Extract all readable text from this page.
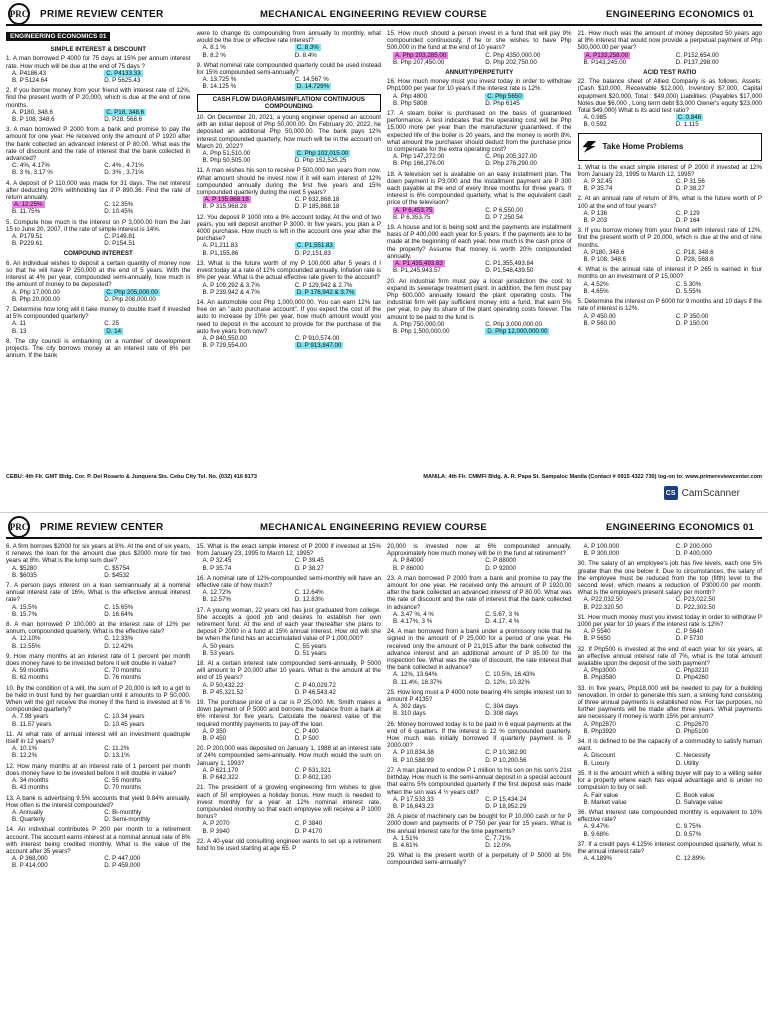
PRC PRIME REVIEW CENTER	MECHANICAL ENGINEERING REVIEW COURSE	ENGINEERING ECONOMICS 01
ENGINEERING ECONOMICS 01
SIMPLE INTEREST & DISCOUNT
1. A man borrowed P 4000 for 75 days at 15% per annum interest rate. How much will be due at the end of 75 days ?
A. P4186.43	C. P4133.33
B. P 5124.64	D. P 5625.43
2. If you borrow money from your friend with interest rate of 12%, find the present worth of P 20,000, which is due at the end of nine months.
A. P180, 348.6	C. P18, 348.6
B. P 108, 348.6	D. P28, 568.6
3. A man borrowed P 2000 from a bank and promise to pay the amount for one year. He received only the amount of P 1920 after the bank collected an advanced interest of P 80.00. What was the rate of discount and the rate of interest that the bank collected in advanced?
C. 4%, 4.17%	C. 4% , 4.71%
B. 3 %, 3.17 %	D. 3% , 3.71%
4. A deposit of P 110,000 was made for 31 days. The net interest after deducting 20% withholding tax if P 890.36. Find the rate of return annually.
A. 12.25%	C. 12.35%
B. 11.75%	D. 10.45%
5. Compute how much is the interest on P 3,000.00 from the Jan 15 to June 20, 2007, if the rate of simple interest is 14%.
A. P179.51	C. P149.81
B. P229.61	D. P154.51
COMPOUND INTEREST
6. An individual wishes to deposit a certain quantity of money now so that he will have P 250,000 at the end of 5 years. With the interest at 4% per year, compounded semi-annually, how much is the amount of money to be deposited?
A. Php 17,000.00	C. Php 205,000.00
B. Php 20,000.00	D. Php 208,000.00
7. Determine how long will it take money to double itself if invested at 5% compounded quarterly?
A. 11	C. 25
B. 13	D. 14
8. The city council is embarking on a number of development projects. The city borrows money at an interest rate of 8% per annum. If the bank
were to change its compounding from annually to monthly, what would be the true or effective rate interest?
A. 8.1 %	C. 8.3%
B. 8.2 %	D. 8.4%
9. What nominal rate compounded quarterly could be used instead for 15% compounded semi-annually?
A. 13.725 %	C. 14.567 %
B. 14.125 %	D. 14.729%
CASH FLOW DIAGRAMS/INFLATION/ CONTINUOUS COMPOUNDING
10. On December 20, 2021, a young engineer opened an account with an initial deposit of Php 50,000.00. On February 20, 2022, he deposited an additional Php 50,000.00. The bank pays 12% interest compounded quarterly, how much will be in the account on March 20, 2022?
A. Php 51,510.00	C. Php 102,015.00
B. Php 50,505.00	D. Php 152,525.25
11. A man wishes his son to receive P 500,000 ten years from now. What amount should he invest now if it will earn interest of 12% compounded annually during the first five years and 15% compounded quarterly during the next 5 years?
A. P 135,868.18	C. P 632,868.18
B. P 315,968.28	D. P 185,868.18
12. You deposit P 1000 into a 9% account today. At the end of two years, you will deposit another P 3000. In five years, you plan a P 4000 purchase. How much is left in the account one year after the purchase?
A. P1,211.83	C. P1,551.83
B. P1,155.86	D. P2,151.83
13. What is the future worth of my P 100,000 after 5 years if I invest today at a rate of 12% compounded annually. Inflation rate is 8% per year. What is the actual effective rate given to the account?
A. P 109,292 & 3.7%	C. P 129,942 & 2.7%
B. P 239,942 & 4.7%	D. P 176,942 & 3.7%
14. An automobile cost Php 1,000,000.00. You can earn 12% tax free on an "auto purchase account". If you expect the cost of the auto to increase by 10% per year, how much amount would you need to deposit in the account to provide for the purchase of the auto five years from now?
A. P 840,550.00	C. P 910,574.00
B. P 729,554.00	D. P 913,847.00
15. How much should a person invest in a fund that will pay 9% compounded continuously, if he or she wishes to have Php 500,000 in the fund at the end of 10 years?
A. Php 203,285.00	C. Php 4350,000.00
B. Php 207,450.00	D. Php 202,750.00
ANNUITY/PERPETUITY
16. How much money must you invest today in order to withdraw Php1000 per year for 10 years if the interest rate is 12%.
A. Php 4800	C. Php 5650
B. Php 5808	D. Php 6145
17. A steam boiler is purchased on the basis of guaranteed performance. A test indicates that the operating cost will be Php 15,000 more per year than the manufacturer guaranteed. If the expected life of the boiler is 20 years, and the money is worth 8%, what amount the purchaser should deduct from the purchase price to compensate for the extra operating cost?
A. Php 147,272.00	C. Php 205,327.00
B. Php 166,276.00	D. Php 276,290.00
18. A television set is available on an easy installment plan. The down payment is P3,000 and the installment payment are P 300 each payable at the end of every three months for three years. If interest is 6% compounded quarterly, what is the equivalent cash price of the television?
A. P 6,453.75	C. P 6,550.00
B. P 6,353.75	D. P 7,250.54
19. A house and lot is being sold and the payments are installment basis of P 400,000 each year for 5 years. If the payments are to be made at the beginning of each year, how much is the cash price of the property? Assume that money is worth 20% compounded annually.
A. P1,435,493.83	C. P1,355,493.84
B. P1,245,943.57	D. P1,548,439.50
20. An industrial firm must pay a local jurisdiction the cost to expand its sewerage treatment plant. In addition, the firm must pay Php 600,000 annually toward the plant operating costs. The industrial firm will pay sufficient money into a fund, that earn 5% per year, to pay its share of the plant operating costs forever. The amount to be paid to the fund is
A. Php 750,000.00	C. Php 3,000,000.00
B. Php 1,500,000.00	D. Php 12,000,000.00
21. How much was the amount of money deposited 50 years ago at 8% interest that would now provide a perpetual payment of Php 500,000.00 per year?
A. P133,258.00	C. P152,654.00
B. P143,245.00	D. P137,298.00
ACID TEST RATIO
22. The balance sheet of Allied Company is as follows: Assets: (Cash $10,000, Receivable $12,000, Inventory $7,000, Capital equipment $20,000, Total : $49,000) Liabilities: (Payables $17,000 Notes due $6,000 , Long term debt $3,000 Owner's equity $23,000 Total $49,000) What is its acid test ratio?
A. 0.985	C. 0.846
B. 0.592	D. 1.115
Take Home Problems
1. What is the exact simple interest of P 2000 if invested at 12% from January 23, 1995 to March 12, 1995?
A. P 32.45	C. P 31.56
B. P 35.74	D. P 38.27
2. At an annual rate of return of 8%, what is the future worth of P 100 at the end of four years?
A. P 136	C. P 129
B. P 203	D. P 164
3. If you borrow money from your friend with interest rate of 12%, find the present worth of P 20,000, which is due at the end of nine months.
A. P180, 348.6	C. P18, 348.6
B. P 108, 348.6	D. P28, 568.6
4. What is the annual rate of interest if P 265 is earned in four months on an investment of P 15,000?
A. 4.52%	C. 5.30%
B. 4.65%	D. 5.55%
5. Determine the interest on P 6000 for 9 months and 10 days if the rate of interest is 12%.
A. P 450.00	C. P 350.00
B. P 560.00	D. P 150.00
CEBU: 4th Flr. GMT Bldg. Cor. P. Del Rosario & Junquera Sts. Cebu City Tel. No. (032) 416 8173	MANILA: 4th Flr. CMMFI Bldg. A. R. Papa St. Sampaloc Manila (Contact # 0915 4322 730) log-on to: www.primereviewcenter.com
CS CamScanner
PRC PRIME REVIEW CENTER	MECHANICAL ENGINEERING REVIEW COURSE	ENGINEERING ECONOMICS 01
6. A firm borrows $2000 for six years at 8%. At the end of six years, it renews the loan for the amount due plus $2000 more for two years at 8%. What is the lump sum due?
A. $5280	C. $5754
B. $6035	D. $4532
7. A person pays interest on a loan semiannually at a nominal annual interest rate of 16%. What is the effective annual interest rate?
A. 15.5%	C. 15.65%
B. 15.7%	D. 16.64%
8. A man borrowed P 100,000 at the interest rate of 12% per annum, compounded quarterly. What is the effective rate?
A. 12.10%	C. 12.33%
B. 12.55%	D. 12.42%
9. How many months at an interest rate of 1 percent per month does money have to be invested before it will double in value?
A. 59 months	C. 70 months
B. 62 months	D. 76 months
10. By the condition of a will, the sum of P 20,000 is left to a girl to be held in trust fund by her guardian until it amounts to P 50,000. When will the girl receive the money if the fund is invested at 8 % compounded quarterly?
A. 7.98 years	C. 10.34 years
B. 11.57 years	D. 10.45 years
11. At what rate of annual interest will an investment quadruple itself in 12 years?
A. 10.1%	C. 11.2%
B. 12.2%	D. 13.1%
12. How many months at an interest rate of 1 percent per month does money have to be invested before it will double in value?
A. 34 months	C. 55 months
B. 43 months	D. 70 months
13. A bank is advertising 9.5% accounts that yield 9.84% annually. How often is the interest compounded?
A. Annually	C. Bi-monthly
B. Quarterly	D. Semi-monthly
14. An individual contributes P 200 per month to a retirement account. The account earns interest at a nominal annual rate of 8% with interest being credited monthly. What is the value of the account after 35 years?
A. P 368,000	C. P 447,000
B. P 414,000	D. P 459,000
15. What is the exact simple interest of P 2000 if invested at 15% from January 23, 1995 to March 12, 1995?
A. P 32.45	C. P 39.45
B. P 35.74	D. P 38.27
16. A nominal rate of 12%-compounded semi-monthly will have an effective rate of how much?
A. 12.72%	C. 12.64%
B. 12.57%	D. 12.83%
17. A young woman, 22 years old has just graduated from college. She accepts a good job and desires to establish her own retirement fund. At the end of each year thereafter she plans to deposit P 2000 in a fund at 15% annual interest. How old will she be when the fund has an accumulated value of P 1,000,000?
A. 50 years	C. 55 years
B. 53 years	D. 51 years
18. At a certain interest rate compounded semi-annually, P 5000 will amount to P 20,000 after 10 years. What is the amount at the end of 15 years?
A. P 50,432.22	C. P 40,029.72
B. P 45,321.52	D. P 46,543.42
19. The purchase price of a car is P 25,000. Mr. Smith makes a down payment of P 5000 and borrows the balance from a bank at 6% interest for five years. Calculate the nearest value of the required monthly payments to pay-off the loan.
A. P 350	C. P 400
B. P 450	D. P 500
20. P 200,000 was deposited on January 1, 1988 at an interest rate of 24% compounded semi-annually. How much would the sum on January 1, 1993?
A. P 621,170	C. P 631,321
B. P 642,322	D. P 602,130
21. The president of a growing engineering firm wishes to give each of 50 employees a holiday bonus. How much is needed to invest monthly for a year at 12% nominal interest rate, compounded monthly so that each employee will receive a P 1000 bonus?
A. P 2070	C. P 3840
B. P 3940	D. P 4170
22. A 40-year old consulting engineer wants to set up a retirement fund to be used starting at age 65. P
20,000 is invested now at 6% compounded annually. Approximately how much money will be in the fund at retirement?
A. P 84000	C. P 88000
B. P 86000	D. P 92000
23. A man borrowed P 2000 from a bank and promise to pay the amount for one year. He received only the amount of P 1920.00 after the bank collected an advanced interest of P 80.00. What was the rate of discount and the rate of interest that the bank collected in advance?
A. 3.47 %, 4 %	C. 5.67, 3 %
B. 4.17%, 3 %	D. 4.17, 4 %
24. A man borrowed from a bank under a promissory note that he signed in the amount of P 25,000 for a period of one year. He received only the amount of P 21,915 after the bank collected the advance interest and an additional amount of P 85.00 for the inspection fee. What was the rate of discount, the rate interest that the bank collected in advance?
A. 12%, 13.64%	C. 10.5%, 16.43%
B. 11.4%, 18.37%	D. 12%, 10.32%
25. How long must a P 4000 note bearing 4% simple interest run to amount P 4135?
A. 302 days	C. 304 days
B. 310 days	D. 308 days
26. Money borrowed today is to be paid in 6 equal payments at the end of 6 quarters. If the interest is 12 % compounded quarterly. How much was initially borrowed if quarterly payment is P 2000.00?
A. P 10,834.38	C. P 10,382.90
B. P 10,588.99	D. P 10,200.56
27. A man planned to endow P 1 million to his son on his son's 21st birthday. How much is the semi-annual deposit in a special account that earns 5% compounded quarterly if the first deposit was made when the son was 4 ½ years old?
A. P 17,533.33	C. P 15,434.24
B. P 16,643.23	D. P 18,952.29
28. A piece of machinery can be bought for P 10,000 cash or for P 2000 down and payments of P 750 per year for 15 years. What is the annual interest rate for the time payments?
A. 1.51%	C. 7.71%
B. 4.61%	D. 12.0%
29. What is the present worth of a perpetuity of P 5000 at 5% compounded semi-annually?
A. P 100,000	C. P 200,000
B. P 300,000	D. P 400,000
30. The salary of an employee's job has five levels, each one 5% greater than the one below it. Due to circumstances, the salary of the employee must be reduced from the top (fifth) level to the second level, which means a reduction of P3000.00 per month. What is the employee's present salary per month?
A. P22,032.50	C. P23,022.50
B. P22,320.50	D. P22,302.50
31. How much money must you invest today in order to withdraw P 1000 per year for 10 years if the interest rate is 12%?
A. P 5540	C. P 5640
B. P 5650	D. P 5730
32. If Php500 is invested at the end of each year for six years, at an effective annual interest rate of 7%, what is the total amount available upon the deposit of the sixth payment?
A. Php3000	C. Php3210
B. Php3580	D. Php4260
33. In five years, Php18,000 will be needed to pay for a building renovation. In order to generate this sum, a sinking fund consisting of three annual payments is established now. For tax purposes, no further payments will be made after three years. What payments are necessary if money is worth 15% per annum?
A. Php2870	C. Php2670
B. Php3920	D. Php5100
34. It is defined to be the capacity of a commodity to satisfy human want.
A. Discount	C. Necessity
B. Luxury	D. Utility
35. It is the amount which a willing buyer will pay to a willing seller for a property where each has equal advantage and is under no compulsion to buy or sell.
A. Fair value	C. Book value
B. Market value	D. Salvage value
36. What interest rate compounded monthly is equivalent to 10% effective rate?
A. 9.47%	C. 9.75%
B. 9.68%	D. 9.57%
37. If a credit pays 4.125% interest compounded quarterly, what is the annual interest rate?
A. 4.189%	C. 12.89%
